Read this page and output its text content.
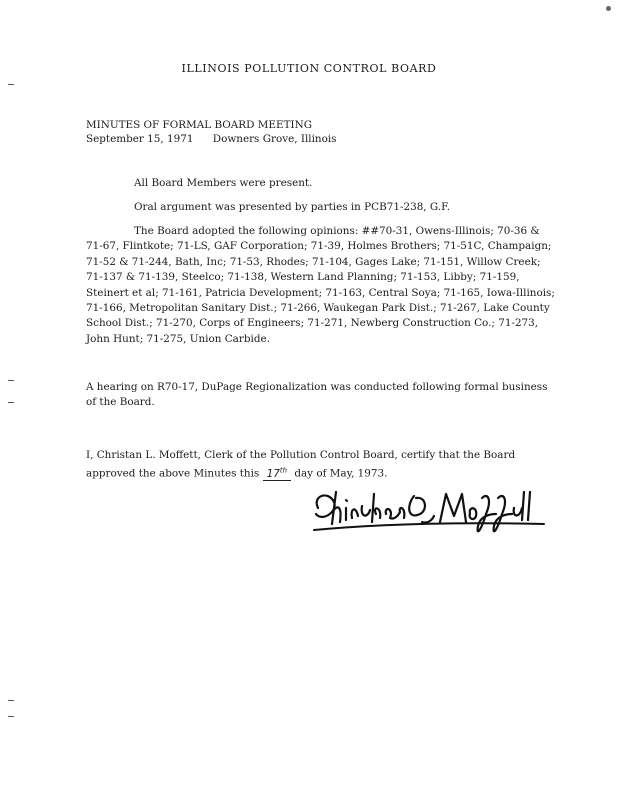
ILLINOIS POLLUTION CONTROL BOARD
MINUTES OF FORMAL BOARD MEETING
September 15, 1971 Downers Grove, Illinois
All Board Members were present.
Oral argument was presented by parties in PCB71-238, G.F.
The Board adopted the following opinions: ##70-31, Owens-Illinois; 70-36 & 71-67, Flintkote; 71-LS, GAF Corporation; 71-39, Holmes Brothers; 71-51C, Champaign; 71-52 & 71-244, Bath, Inc; 71-53, Rhodes; 71-104, Gages Lake; 71-151, Willow Creek; 71-137 & 71-139, Steelco; 71-138, Western Land Planning; 71-153, Libby; 71-159, Steinert et al; 71-161, Patricia Development; 71-163, Central Soya; 71-165, Iowa-Illinois; 71-166, Metropolitan Sanitary Dist.; 71-266, Waukegan Park Dist.; 71-267, Lake County School Dist.; 71-270, Corps of Engineers; 71-271, Newberg Construction Co.; 71-273, John Hunt; 71-275, Union Carbide.
A hearing on R70-17, DuPage Regionalization was conducted following formal business of the Board.
I, Christan L. Moffett, Clerk of the Pollution Control Board, certify that the Board approved the above Minutes this 17th day of May, 1973.
